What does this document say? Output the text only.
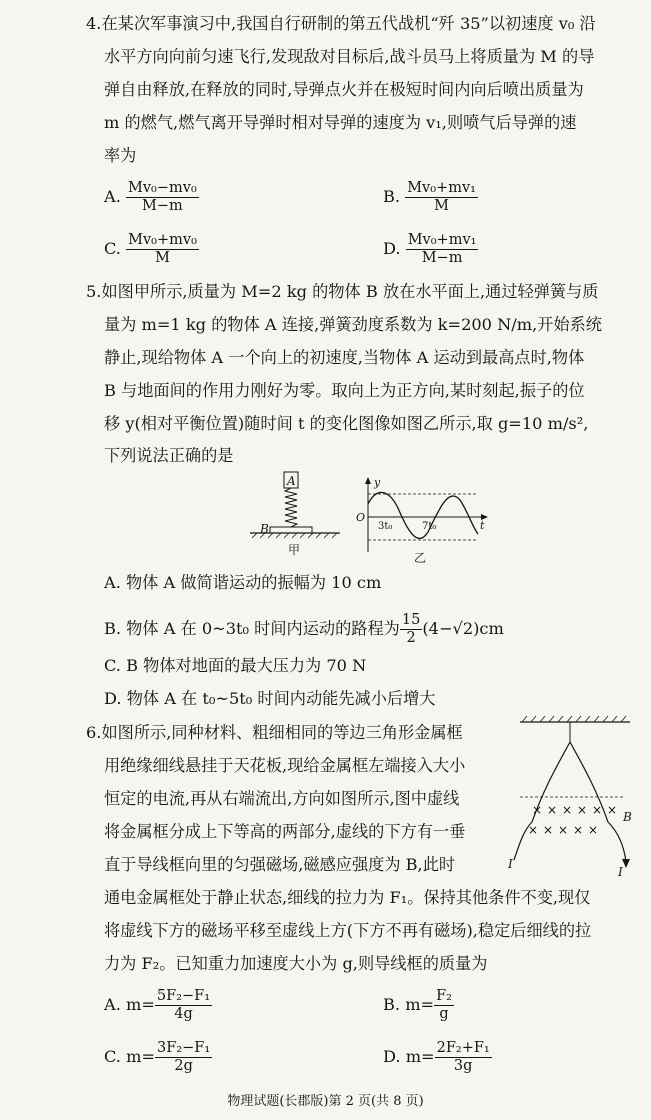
4.在某次军事演习中,我国自行研制的第五代战机“歼 35”以初速度 v₀ 沿
水平方向向前匀速飞行,发现敌对目标后,战斗员马上将质量为 M 的导
弹自由释放,在释放的同时,导弹点火并在极短时间内向后喷出质量为
m 的燃气,燃气离开导弹时相对导弹的速度为 v₁,则喷气后导弹的速
率为
A. $\frac{\text{Mv₀−mv₀}}{M-m}$	B. $\frac{\text{Mv₀+mv₁}}{M}$
C. $\frac{\text{Mv₀+mv₀}}{M}$	D. $\frac{\text{Mv₀+mv₁}}{M-m}$
5.如图甲所示,质量为 M=2 kg 的物体 B 放在水平面上,通过轻弹簧与质
量为 m=1 kg 的物体 A 连接,弹簧劲度系数为 k=200 N/m,开始系统
静止,现给物体 A 一个向上的初速度,当物体 A 运动到最高点时,物体
B 与地面间的作用力刚好为零。取向上为正方向,某时刻起,振子的位
移 y(相对平衡位置)随时间 t 的变化图像如图乙所示,取 g=10 m/s²,
下列说法正确的是
A
B
甲
y
t
O
3t₀	7t₀
乙
A. 物体 A 做简谐运动的振幅为 10 cm
B. 物体 A 在 0~3t₀ 时间内运动的路程为 $\frac{15}{2} (4-√2)cm$
C. B 物体对地面的最大压力为 70 N
D. 物体 A 在 t₀~5t₀ 时间内动能先减小后增大
6.如图所示,同种材料、粗细相同的等边三角形金属框
用绝缘细线悬挂于天花板,现给金属框左端接入大小
恒定的电流,再从右端流出,方向如图所示,图中虚线
将金属框分成上下等高的两部分,虚线的下方有一垂
直于导线框向里的匀强磁场,磁感应强度为 B,此时
通电金属框处于静止状态,细线的拉力为 F₁。保持其他条件不变,现仅
将虚线下方的磁场平移至虚线上方(下方不再有磁场),稳定后细线的拉
力为 F₂。已知重力加速度大小为 g,则导线框的质量为
× × × × × ×
× × × × ×
B
I
I
A. $m= \frac{\text{5F₂−F₁}}{4g}$	B. $m= \frac{\text{F₂}}{g}$
C. $m= \frac{\text{3F₂−F₁}}{2g}$	D. $m= \frac{\text{2F₂+F₁}}{3g}$
物理试题(长郡版)第 2 页(共 8 页)
